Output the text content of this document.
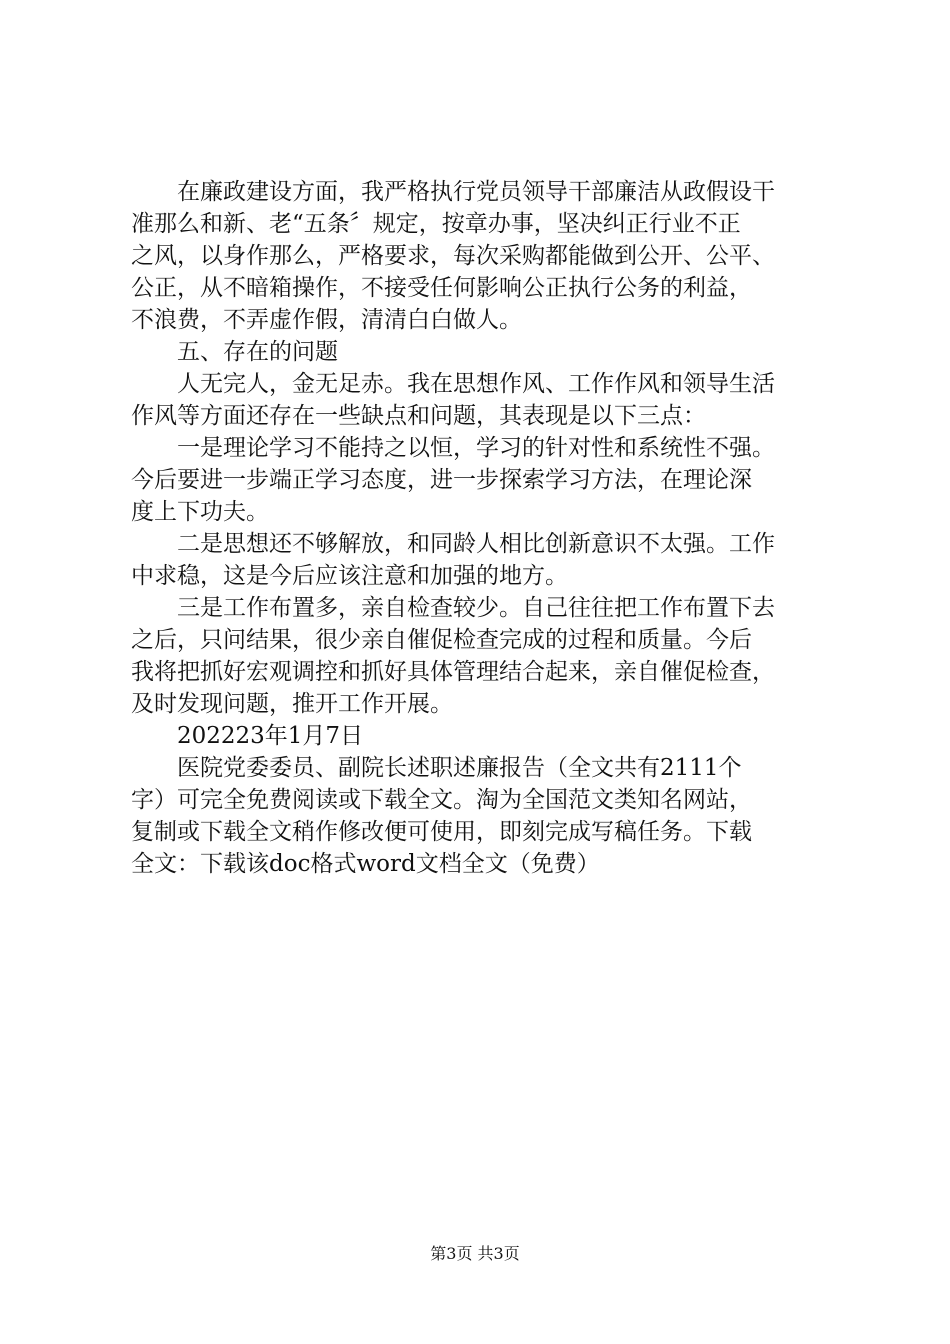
　　在廉政建设方面，我严格执行党员领导干部廉洁从政假设干
准那么和新、老“五条〞规定，按章办事，坚决纠正行业不正
之风，以身作那么，严格要求，每次采购都能做到公开、公平、
公正，从不暗箱操作，不接受任何影响公正执行公务的利益，
不浪费，不弄虚作假，清清白白做人。

　　五、存在的问题

　　人无完人，金无足赤。我在思想作风、工作作风和领导生活
作风等方面还存在一些缺点和问题，其表现是以下三点：

　　一是理论学习不能持之以恒，学习的针对性和系统性不强。
今后要进一步端正学习态度，进一步探索学习方法，在理论深
度上下功夫。

　　二是思想还不够解放，和同龄人相比创新意识不太强。工作
中求稳，这是今后应该注意和加强的地方。

　　三是工作布置多，亲自检查较少。自己往往把工作布置下去
之后，只问结果，很少亲自催促检查完成的过程和质量。今后
我将把抓好宏观调控和抓好具体管理结合起来，亲自催促检查，
及时发现问题，推开工作开展。

　　202223年1月7日

　　医院党委委员、副院长述职述廉报告（全文共有2111个
字）可完全免费阅读或下载全文。淘为全国范文类知名网站，
复制或下载全文稍作修改便可使用，即刻完成写稿任务。下载
全文：下载该doc格式word文档全文（免费）

第3页 共3页
